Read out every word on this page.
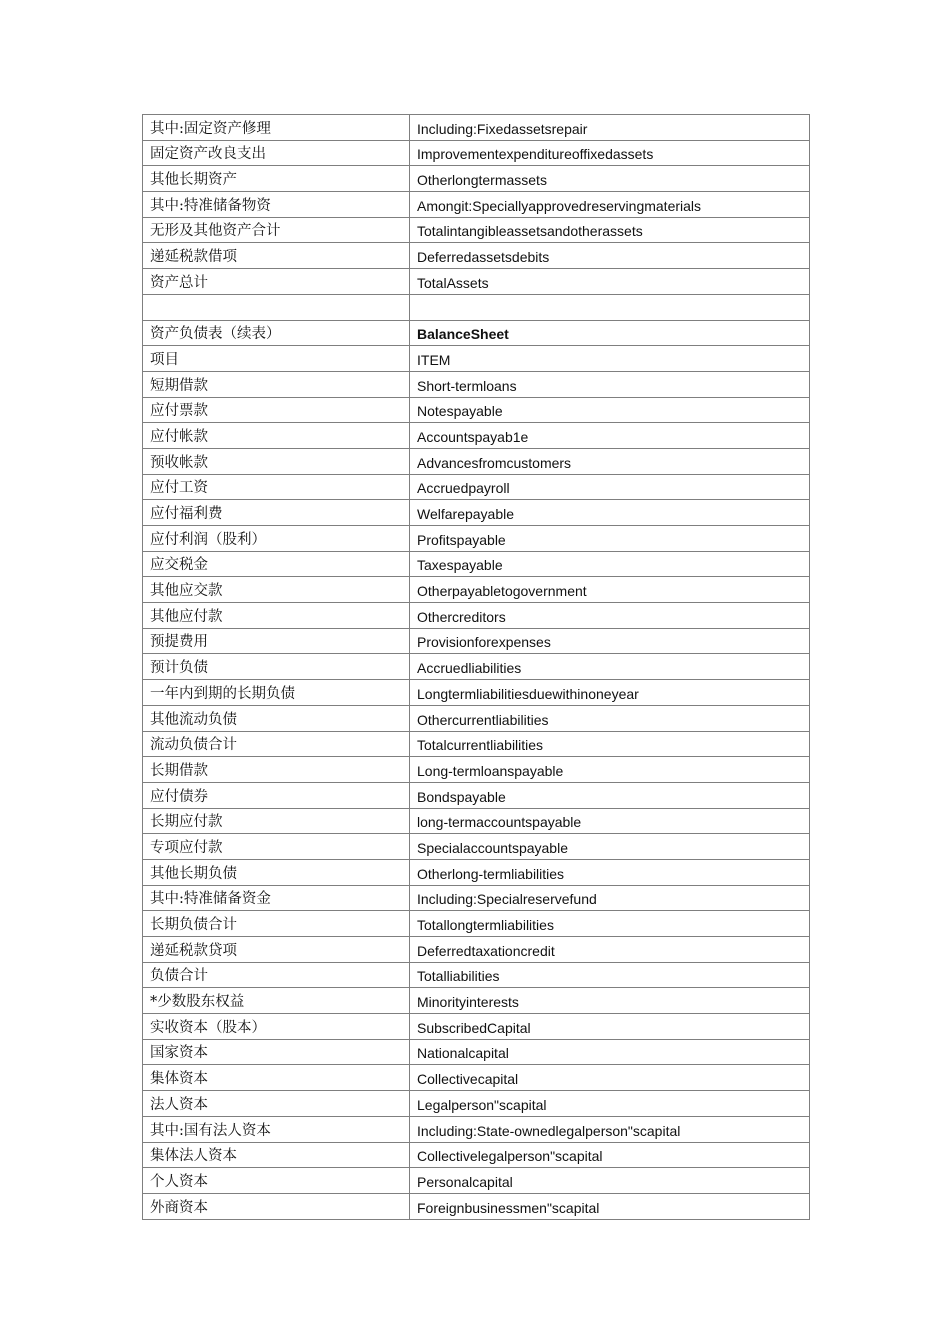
其中:固定资产修理	Including:Fixedassetsrepair
固定资产改良支出	Improvementexpenditureoffixedassets
其他长期资产	Otherlongtermassets
其中:特准储备物资	Amongit:Speciallyapprovedreservingmaterials
无形及其他资产合计	Totalintangibleassetsandotherassets
递延税款借项	Deferredassetsdebits
资产总计	TotalAssets

资产负债表（续表）	BalanceSheet
项目	ITEM
短期借款	Short-termloans
应付票款	Notespayable
应付帐款	Accountspayab1e
预收帐款	Advancesfromcustomers
应付工资	Accruedpayroll
应付福利费	Welfarepayable
应付利润（股利）	Profitspayable
应交税金	Taxespayable
其他应交款	Otherpayabletogovernment
其他应付款	Othercreditors
预提费用	Provisionforexpenses
预计负债	Accruedliabilities
一年内到期的长期负债	Longtermliabilitiesduewithinoneyear
其他流动负债	Othercurrentliabilities
流动负债合计	Totalcurrentliabilities
长期借款	Long-termloanspayable
应付债券	Bondspayable
长期应付款	long-termaccountspayable
专项应付款	Specialaccountspayable
其他长期负债	Otherlong-termliabilities
其中:特准储备资金	Including:Specialreservefund
长期负债合计	Totallongtermliabilities
递延税款贷项	Deferredtaxationcredit
负债合计	Totalliabilities
*少数股东权益	Minorityinterests
实收资本（股本）	SubscribedCapital
国家资本	Nationalcapital
集体资本	Collectivecapital
法人资本	Legalperson"scapital
其中:国有法人资本	Including:State-ownedlegalperson"scapital
集体法人资本	Collectivelegalperson"scapital
个人资本	Personalcapital
外商资本	Foreignbusinessmen"scapital
